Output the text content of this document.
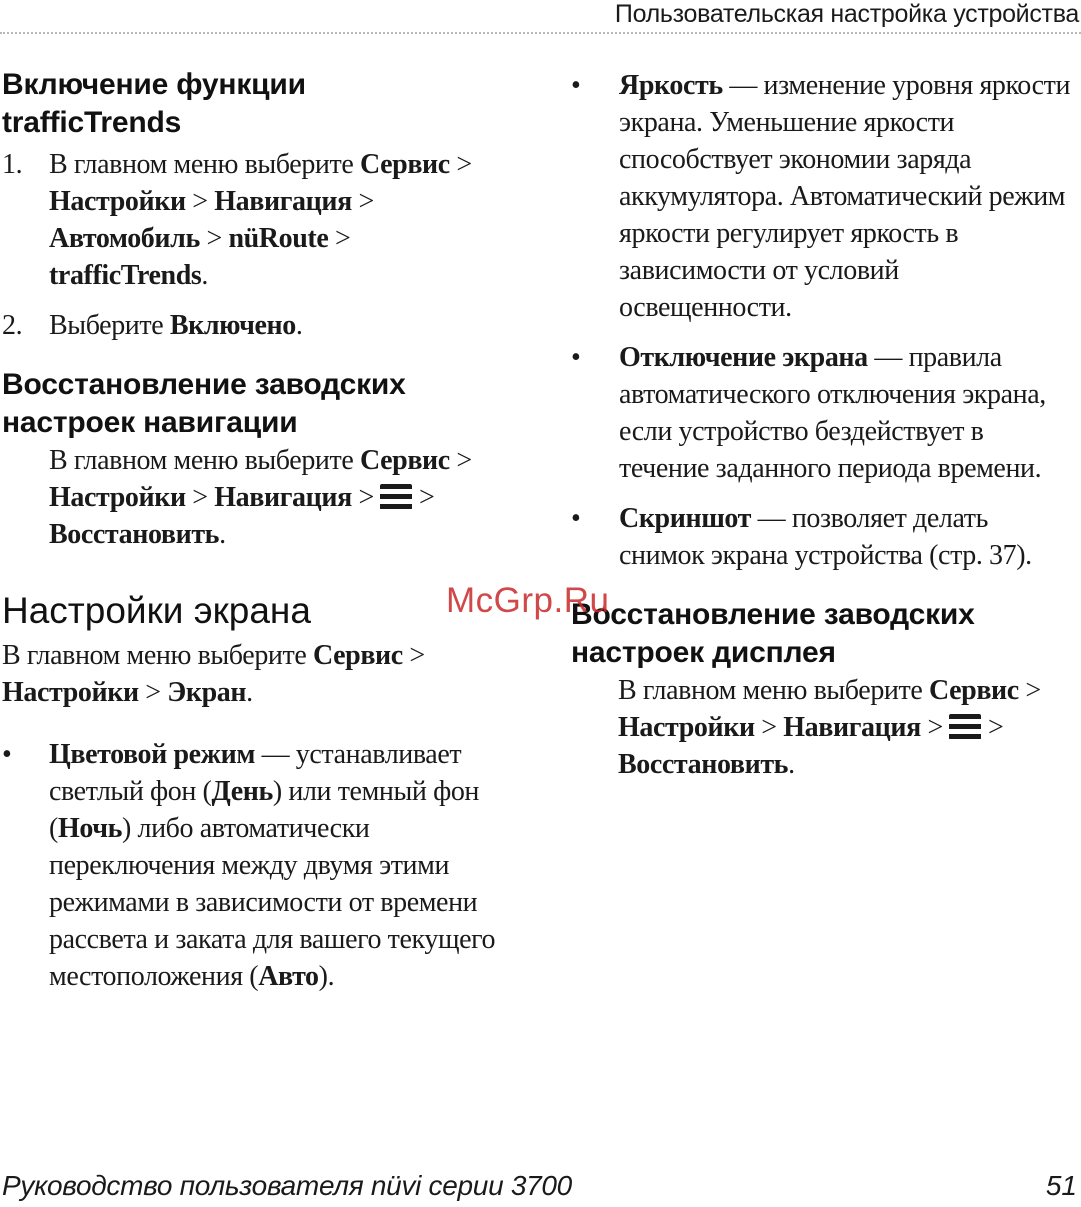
Пользовательская настройка устройства
Включение функции trafficTrends
1. В главном меню выберите Сервис > Настройки > Навигация >
Автомобиль > nüRoute >
trafficTrends.
2. Выберите Включено.
Восстановление заводских настроек навигации
В главном меню выберите Сервис >
Настройки > Навигация >  >
Восстановить.
Настройки экрана
В главном меню выберите Сервис >
Настройки > Экран.
• Цветовой режим — устанавливает светлый фон (День) или темный фон (Ночь) либо автоматически переключения между двумя этими режимами в зависимости от времени рассвета и заката для вашего текущего местоположения (Авто).
• Яркость — изменение уровня яркости экрана. Уменьшение яркости способствует экономии заряда аккумулятора. Автоматический режим яркости регулирует яркость в зависимости от условий освещенности.
• Отключение экрана — правила автоматического отключения экрана, если устройство бездействует в течение заданного периода времени.
• Скриншот — позволяет делать снимок экрана устройства (стр. 37).
Восстановление заводских настроек дисплея
В главном меню выберите Сервис >
Настройки > Навигация >  >
Восстановить.
McGrp.Ru
Руководство пользователя nüvi серии 3700	51
